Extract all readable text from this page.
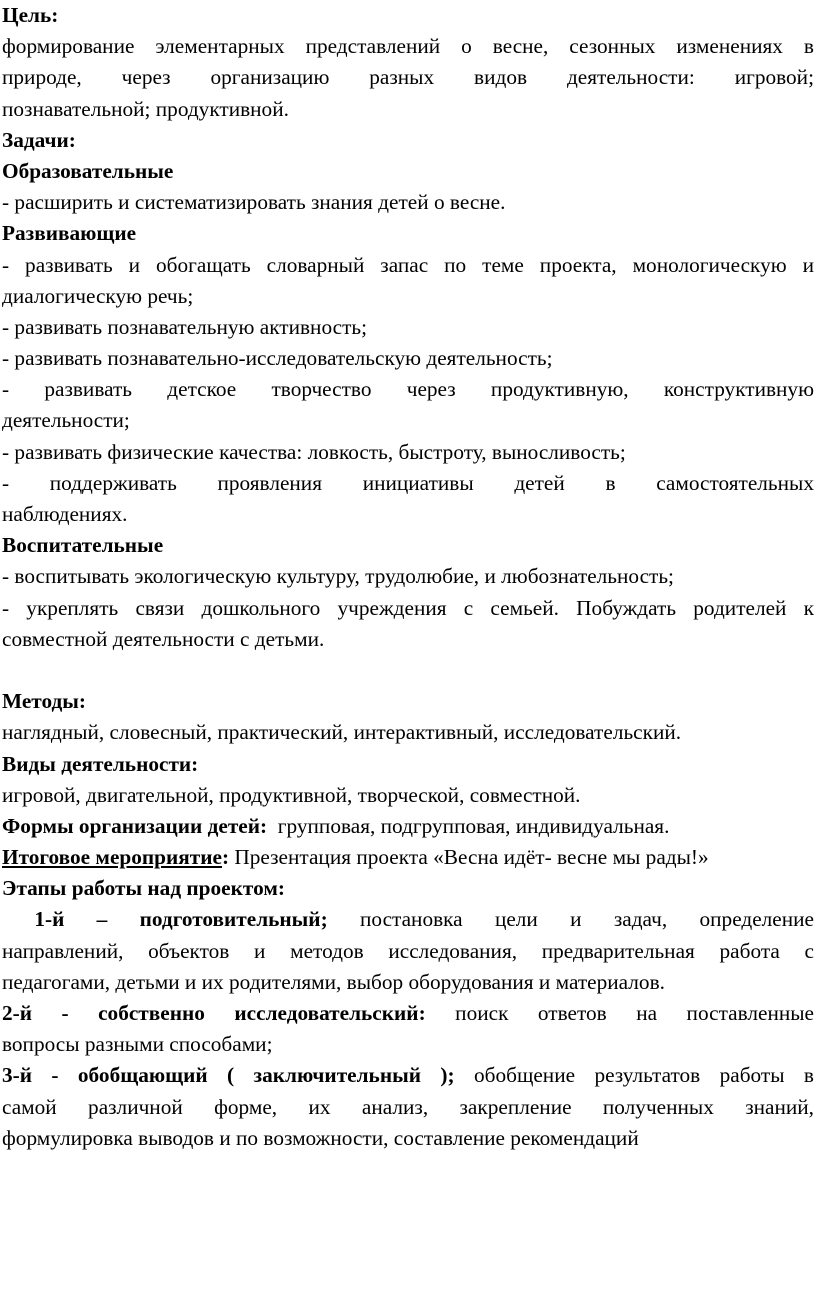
Цель:
формирование элементарных представлений о весне, сезонных изменениях в
природе, через организацию разных видов деятельности: игровой;
познавательной; продуктивной.
Задачи:
Образовательные
- расширить и систематизировать знания детей о весне.
Развивающие
- развивать и обогащать словарный запас по теме проекта, монологическую и
диалогическую речь;
- развивать познавательную активность;
- развивать познавательно-исследовательскую деятельность;
- развивать детское творчество через продуктивную, конструктивную
деятельности;
- развивать физические качества: ловкость, быстроту, выносливость;
- поддерживать проявления инициативы детей в самостоятельных
наблюдениях.
Воспитательные
- воспитывать экологическую культуру, трудолюбие, и любознательность;
- укреплять связи дошкольного учреждения с семьей. Побуждать родителей к
совместной деятельности с детьми.
Методы:
наглядный, словесный, практический, интерактивный, исследовательский.
Виды деятельности:
игровой, двигательной, продуктивной, творческой, совместной.
Формы организации детей: групповая, подгрупповая, индивидуальная.
Итоговое мероприятие: Презентация проекта «Весна идёт- весне мы рады!»
Этапы работы над проектом:
1-й – подготовительный; постановка цели и задач, определение
направлений, объектов и методов исследования, предварительная работа с
педагогами, детьми и их родителями, выбор оборудования и материалов.
2-й - собственно исследовательский: поиск ответов на поставленные
вопросы разными способами;
3-й - обобщающий ( заключительный ); обобщение результатов работы в
самой различной форме, их анализ, закрепление полученных знаний,
формулировка выводов и по возможности, составление рекомендаций
